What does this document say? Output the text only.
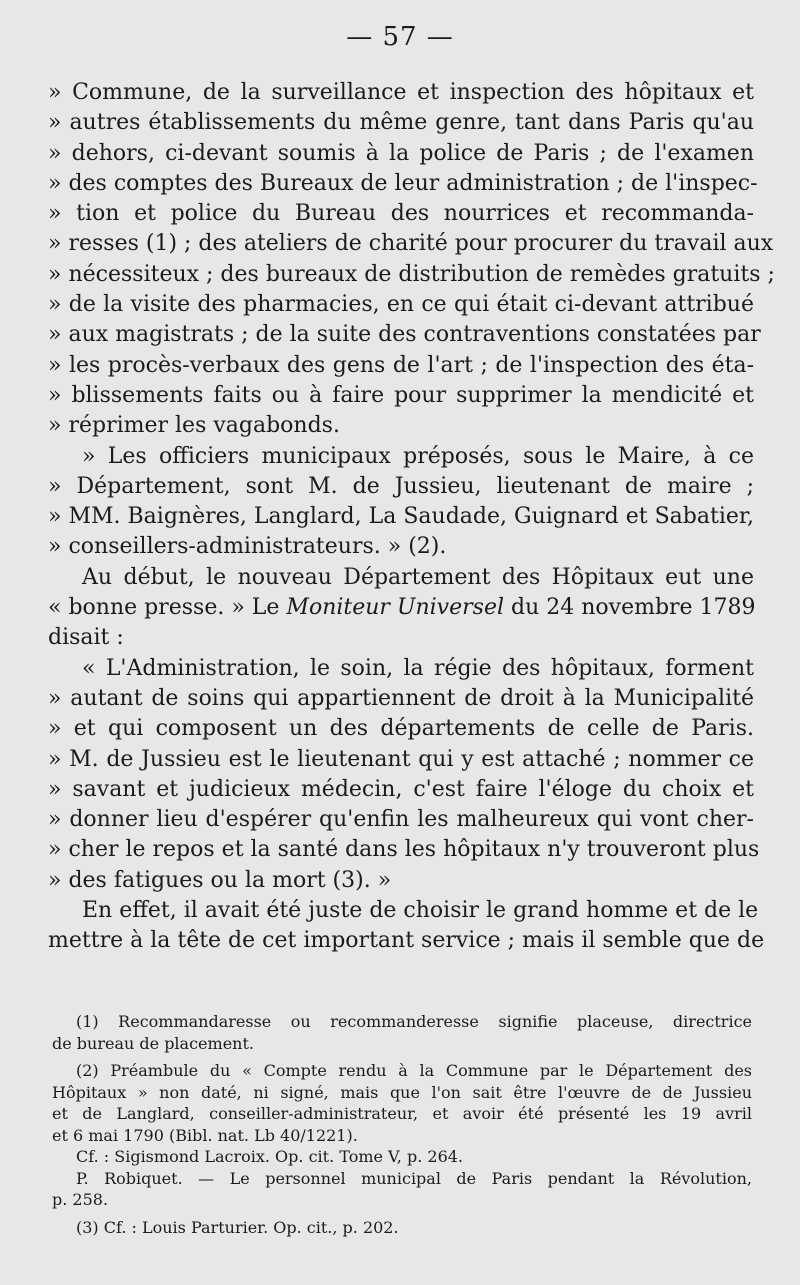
— 57 —
» Commune, de la surveillance et inspection des hôpitaux et
» autres établissements du même genre, tant dans Paris qu'au
» dehors, ci-devant soumis à la police de Paris ; de l'examen
» des comptes des Bureaux de leur administration ; de l'inspec-
» tion et police du Bureau des nourrices et recommanda-
» resses (1) ; des ateliers de charité pour procurer du travail aux
» nécessiteux ; des bureaux de distribution de remèdes gratuits ;
» de la visite des pharmacies, en ce qui était ci-devant attribué
» aux magistrats ; de la suite des contraventions constatées par
» les procès-verbaux des gens de l'art ; de l'inspection des éta-
» blissements faits ou à faire pour supprimer la mendicité et
» réprimer les vagabonds.
» Les officiers municipaux préposés, sous le Maire, à ce
» Département, sont M. de Jussieu, lieutenant de maire ;
» MM. Baignères, Langlard, La Saudade, Guignard et Sabatier,
» conseillers-administrateurs. » (2).
Au début, le nouveau Département des Hôpitaux eut une
« bonne presse. » Le Moniteur Universel du 24 novembre 1789
disait :
« L'Administration, le soin, la régie des hôpitaux, forment
» autant de soins qui appartiennent de droit à la Municipalité
» et qui composent un des départements de celle de Paris.
» M. de Jussieu est le lieutenant qui y est attaché ; nommer ce
» savant et judicieux médecin, c'est faire l'éloge du choix et
» donner lieu d'espérer qu'enfin les malheureux qui vont cher-
» cher le repos et la santé dans les hôpitaux n'y trouveront plus
» des fatigues ou la mort (3). »
En effet, il avait été juste de choisir le grand homme et de le
mettre à la tête de cet important service ; mais il semble que de
(1) Recommandaresse ou recommanderesse signifie placeuse, directrice
de bureau de placement.
(2) Préambule du « Compte rendu à la Commune par le Département des
Hôpitaux » non daté, ni signé, mais que l'on sait être l'œuvre de de Jussieu
et de Langlard, conseiller-administrateur, et avoir été présenté les 19 avril
et 6 mai 1790 (Bibl. nat. Lb 40/1221).
Cf. : Sigismond Lacroix. Op. cit. Tome V, p. 264.
P. Robiquet. — Le personnel municipal de Paris pendant la Révolution,
p. 258.
(3) Cf. : Louis Parturier. Op. cit., p. 202.
